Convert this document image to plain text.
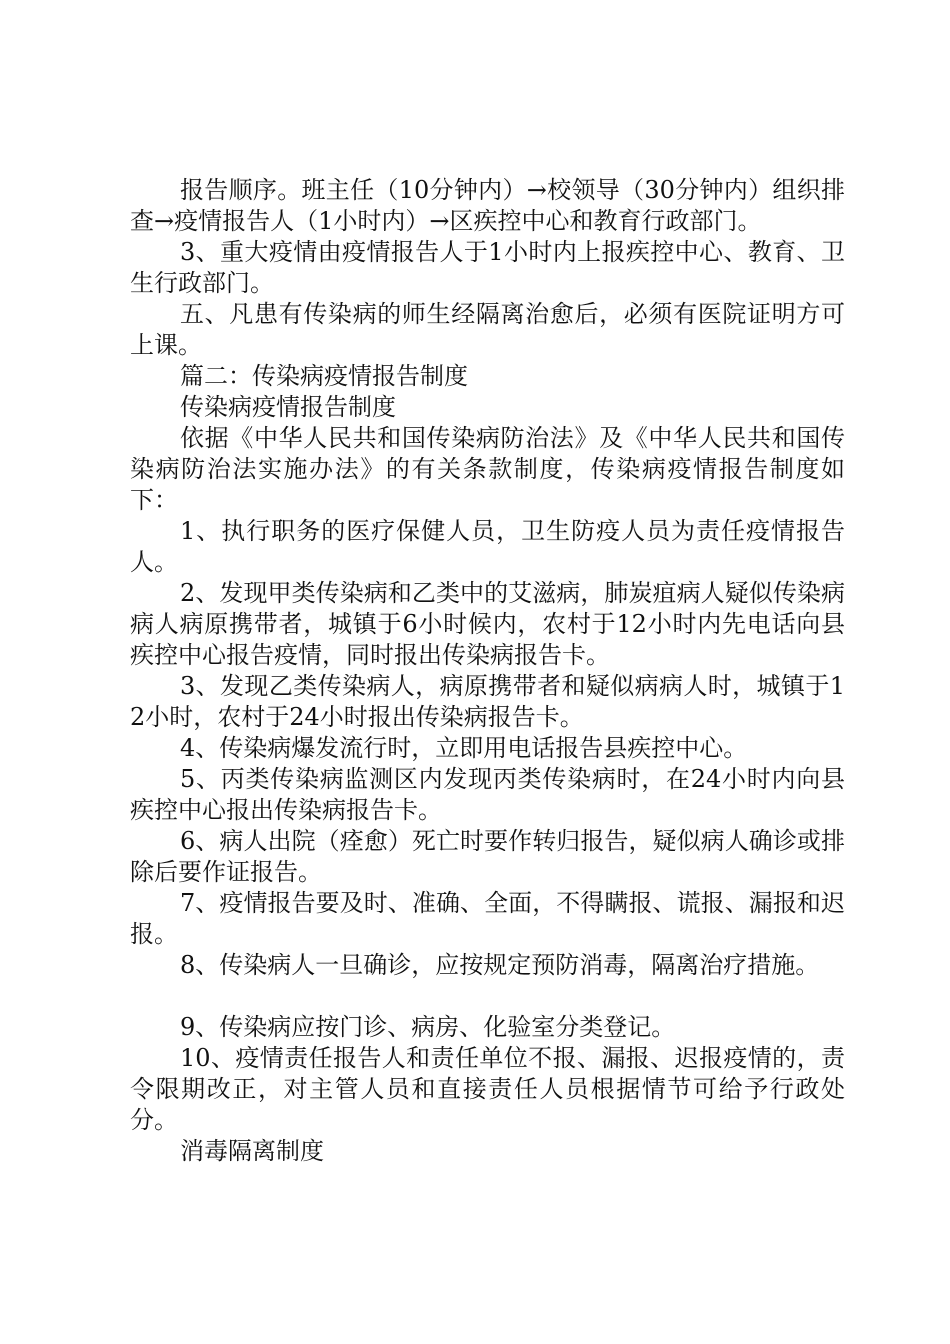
报告顺序。班主任（10分钟内）→校领导（30分钟内）组织排查→疫情报告人（1小时内）→区疾控中心和教育行政部门。

3、重大疫情由疫情报告人于1小时内上报疾控中心、教育、卫生行政部门。

五、凡患有传染病的师生经隔离治愈后，必须有医院证明方可上课。

篇二：传染病疫情报告制度

传染病疫情报告制度

依据《中华人民共和国传染病防治法》及《中华人民共和国传染病防治法实施办法》的有关条款制度，传染病疫情报告制度如下：

1、执行职务的医疗保健人员，卫生防疫人员为责任疫情报告人。

2、发现甲类传染病和乙类中的艾滋病，肺炭疽病人疑似传染病病人病原携带者，城镇于6小时候内，农村于12小时内先电话向县疾控中心报告疫情，同时报出传染病报告卡。

3、发现乙类传染病人，病原携带者和疑似病病人时，城镇于12小时，农村于24小时报出传染病报告卡。

4、传染病爆发流行时，立即用电话报告县疾控中心。

5、丙类传染病监测区内发现丙类传染病时，在24小时内向县疾控中心报出传染病报告卡。

6、病人出院（痊愈）死亡时要作转归报告，疑似病人确诊或排除后要作证报告。

7、疫情报告要及时、准确、全面，不得瞒报、谎报、漏报和迟报。

8、传染病人一旦确诊，应按规定预防消毒，隔离治疗措施。

9、传染病应按门诊、病房、化验室分类登记。

10、疫情责任报告人和责任单位不报、漏报、迟报疫情的，责令限期改正，对主管人员和直接责任人员根据情节可给予行政处分。

消毒隔离制度
